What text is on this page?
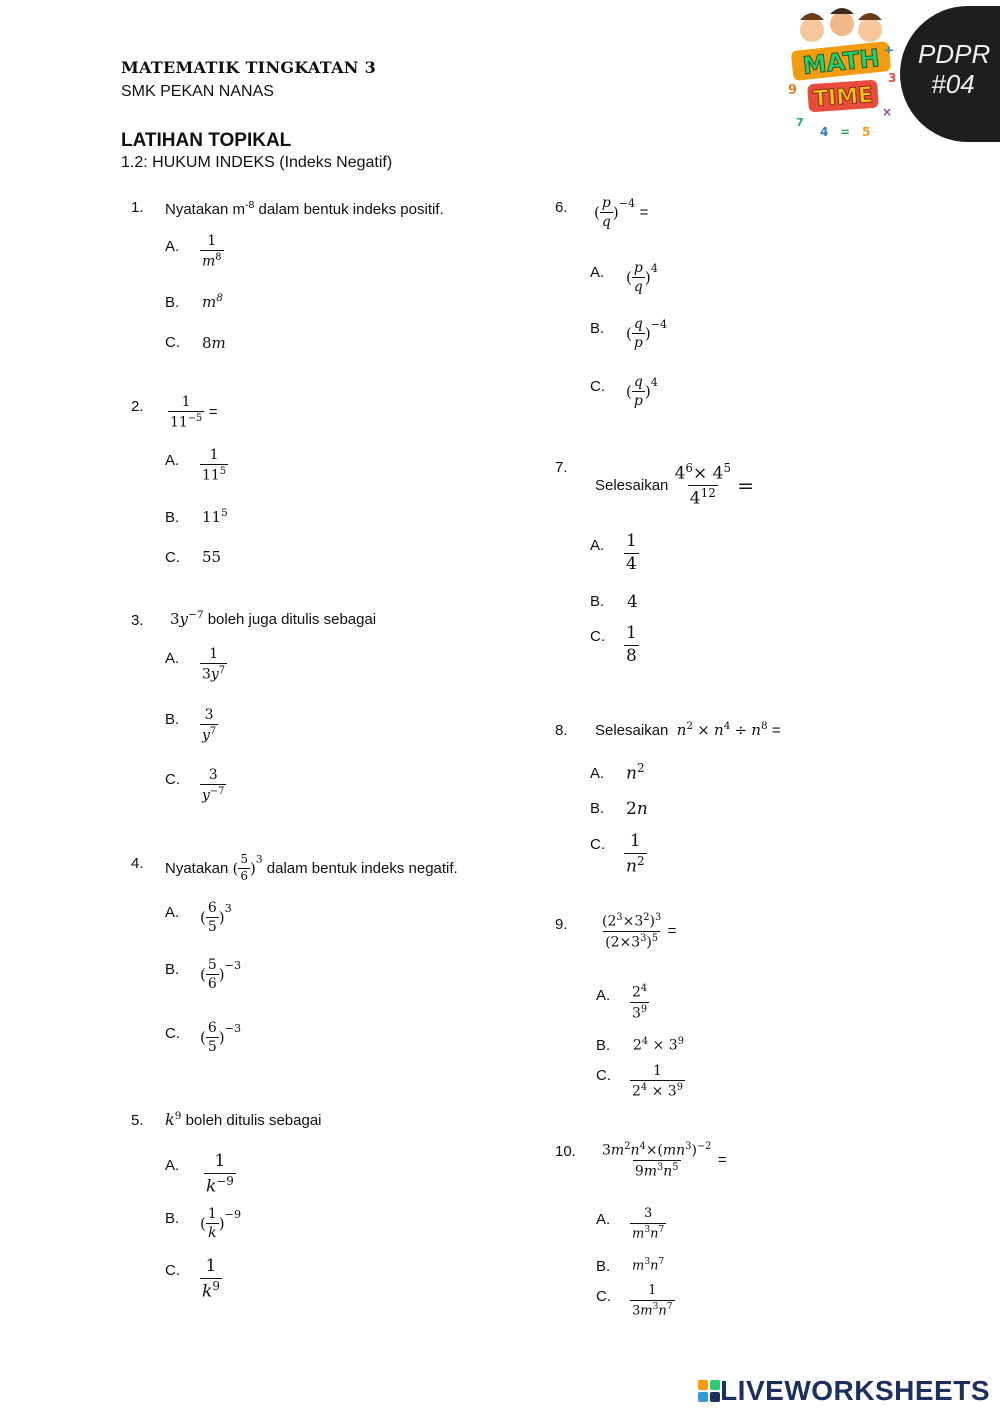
MATEMATIK TINGKATAN 3
SMK PEKAN NANAS
LATIHAN TOPIKAL
1.2: HUKUM INDEKS (Indeks Negatif)
PDPR
#04
MATH
TIME
9
3
7
4 = 5
×
+
1. Nyatakan $m^{-8}$ dalam bentuk indeks positif.
A. $\frac{1}{m^8}$
B. $m^8$
C. 8m
2. $\frac{1}{11^{-5}}$ =
A. $\frac{1}{11^5}$
B. $11^5$
C. 55
3. $3y^{-7}$ boleh juga ditulis sebagai
A. $\frac{1}{3y^7}$
B. $\frac{3}{y^7}$
C. $\frac{3}{y^{-7}}$
4. Nyatakan ( $\frac{5}{6} )^3$ dalam bentuk indeks negatif.
A. ( $\frac{6}{5} )^3$
B. ( $\frac{5}{6} )^{-3}$
C. ( $\frac{6}{5} )^{-3}$
5. $k^9$ boleh ditulis sebagai
A. $\frac{1}{k^{-9}}$
B. ( $\frac{1}{k} )^{-9}$
C. $\frac{1}{k^9}$
6. ( $\frac{p}{q} )^{-4}$ =
A. ( $\frac{p}{q} )^4$
B. ( $\frac{q}{p} )^{-4}$
C. ( $\frac{q}{p} )^4$
7.
Selesaikan $\frac{4^6\times 4^5}{4^{12}}$ =
A. $\frac{1}{4}$
B. 4
C. $\frac{1}{8}$
8. Selesaikan $n^2 \times n^4 \div n^8$ =
A. $n^2$
B. 2n
C. $\frac{1}{n^2}$
9. $\frac{(2^3\times 3^2)^3}{(2\times 3^3)^5}$ =
A. $\frac{2^4}{3^9}$
B. $2^4 \times 3^9$
C. $\frac{1}{2^4 \times 3^9}$
10. $\frac{3m^2n^4\times(mn^3)^{-2}}{9m^3n^5}$ =
A. $\frac{3}{m^3n^7}$
B. $m^3n^7$
C. $\frac{1}{3m^3n^7}$
LIVEWORKSHEETS
